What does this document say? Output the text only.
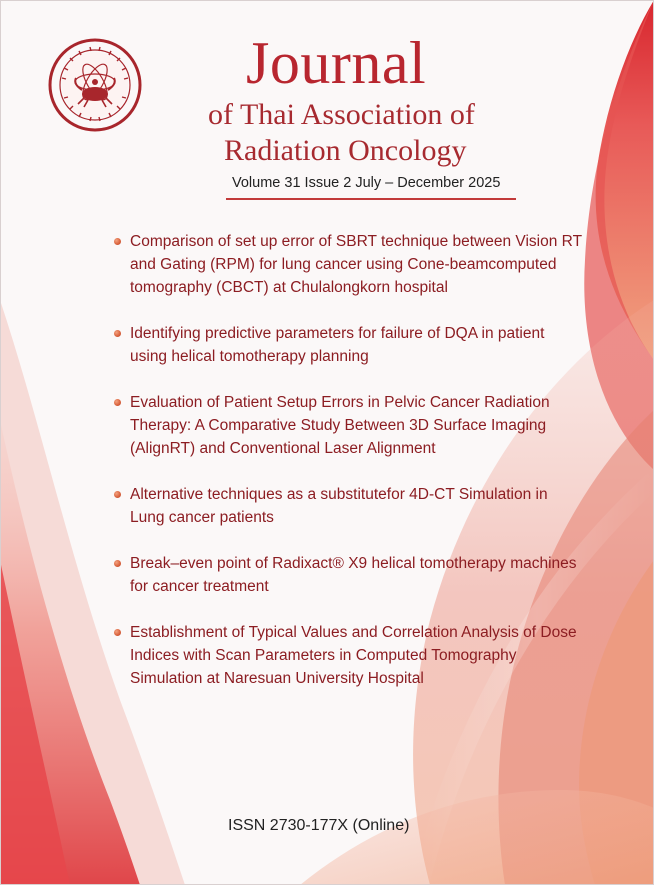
Journal

of Thai Association of

Radiation Oncology

Volume 31 Issue 2 July – December 2025

Comparison of set up error of SBRT technique between Vision RT and Gating (RPM) for lung cancer using Cone-beamcomputed tomography (CBCT) at Chulalongkorn hospital
Identifying predictive parameters for failure of DQA in patient using helical tomotherapy planning
Evaluation of Patient Setup Errors in Pelvic Cancer Radiation Therapy: A Comparative Study Between 3D Surface Imaging (AlignRT) and Conventional Laser Alignment
Alternative techniques as a substitutefor 4D-CT Simulation in Lung cancer patients
Break–even point of Radixact® X9 helical tomotherapy machines for cancer treatment
Establishment of Typical Values and Correlation Analysis of Dose Indices with Scan Parameters in Computed Tomography Simulation at Naresuan University Hospital

ISSN 2730-177X (Online)
